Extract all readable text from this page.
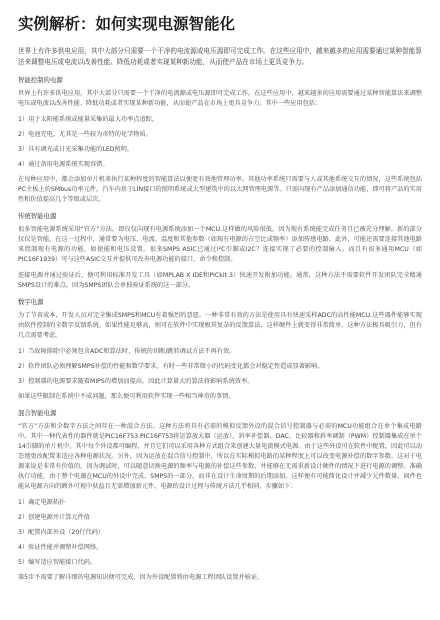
实例解析：如何实现电源智能化

世界上有许多供电应用，其中大部分只需要一个干净的电流源或电压源即可完成工作。在这些应用中，越来越多的应用需要通过某种智能算法来调整电压或电流以改善性能、降低功耗或者实现某种新功能，从而使产品在市场上更具竞争力。

智能控制的电源

世界上有许多供电应用，其中大部分只需要一个干净的电流源或电压源即可完成工作。在这些应用中，越来越多的应用需要通过某种智能算法来调整电压或电流以改善性能、降低功耗或者实现某种新功能，从而使产品在市场上更具竞争力。其中一些应用包括：

1）用于太阳能系统或能量采集的最大功率点追踪。

2）电池充电，尤其是一些较为奇特的化学物质。

3）具有调光或日光采集功能的LED照明。

4）通过备用电源系统实现容错。

在每种应用中，都会添加单片机来执行某种程度的智能算法以便更有效地管理功率。其他功率系统只需要与人或其他系统交互的情况，这些系统包括PC主板上的SMbus功率元件，汽车内基于LIN接口的照明系统或大型建筑中的以太网管理电源等。只需向现有产品添加通信功能，即可将产品的实用性和价值提高几个等级或层次。

传统智能电源

很多智能电源系统采用“官方”方法，即仅仅向现有电源系统添加一个MCU.这样做的风险很低，因为现有系统能完成任务且已被充分理解。新的部分仅仅是智能。在这一过程中，通常要为电压、电流、温度和其他参数（如现有电源的占空比或频率）添加传感电路。此外，可能还需要连接其他电路来控制现有电源的功能，如使能和电压设置。很多SMPS ASIC已通过I²C引脚或I2C？连接实现了必要的控制输入。而且有很多通用MCU（如PIC16F1939）可与这些ASIC交互并提供可改善电源功能的接口、命令和控制。

连接电源并通过验证后，便可利用标准开发工具（如MPLAB X IDE和PICkit 3）快速开发附加功能。通常，这种方法不需要软件开发团队完全精通SMPS设计的难点，因为SMPS团队会单独验证系统的这一部分。

数字电源

为了节省成本，开发人员对完全集成SMPS和MCU有着强烈的意愿。一种非常有效的方法是使用具有快速采样ADC的高性能MCU.这些器件能够实现由软件控制的全数字反馈系统。如果性能足够高，则可在软件中实现极其复杂的反馈算法，这样硬件上就变得非常简单。这种方法极具吸引力，但有几点需要考虑。

1）当故障排除中必须包含ADC和算法时，传统的切断/跳转调试方法不再有效。

2）软件团队必须理解SMPS补偿的性能和数学要求。有时一些非常微小的代码变化都会对稳定性造成显著影响。

3）控制器的电源要求随着MIPS的增加而提高，因此计算量大的算法将影响系统效率。

如果这些限制在系统中不成问题，那么便可利用软件实现一些相当神奇的事情。

混合智能电源

“官方”方法和全数字方法之间存在一种混合方法。这种方法将具有必需的模拟反馈外设的混合信号控制器与必需的MCU功能组合在单个集成电路中。其中一种代表性的器件就是PIC16F753.PIC16F753将运算放大器（运放）、斜率补偿器、DAC、比较器和斜率调制（PWM）控制器集成在单个14引脚的单片机中。其中每个外设都可编程，并且它们可以采用各种方式组合来创建大量电流模式电源。由于这些外设可在软件中配置，因此可以动态地更改配置来适应各种电源状况。另外，因为运放在混合信号控制中，所以在实际模拟电路的某种程度上可以改变电源补偿的数字参数。这对于电源来说是非常有价值的，因为调试时，可以随意切换电源的频率与电源的补偿这些参数，并能够在无需重新设计硬件的情况下进行电源的调整。准确执行功能，由于整个电源在MCU的外设中完成，SMPS的一部分，而非在设计生命周期的后期添加。这样便有可能简化设计并减少元件数量。固件也能从电源方向的额外可视中获益且无需增加新元件。电源的设计过程与传统方法几乎相同，步骤如下：

1）确定电源拓扑

2）创建电源并计算元件值

3）配置内部外设（20行代码）

4）验证性能并调整补偿网络。

5）编写适应智能接口代码。

第5步不需要了解详细的电源知识便可完成，因为外设配置将由电源工程团队设置并验证。
